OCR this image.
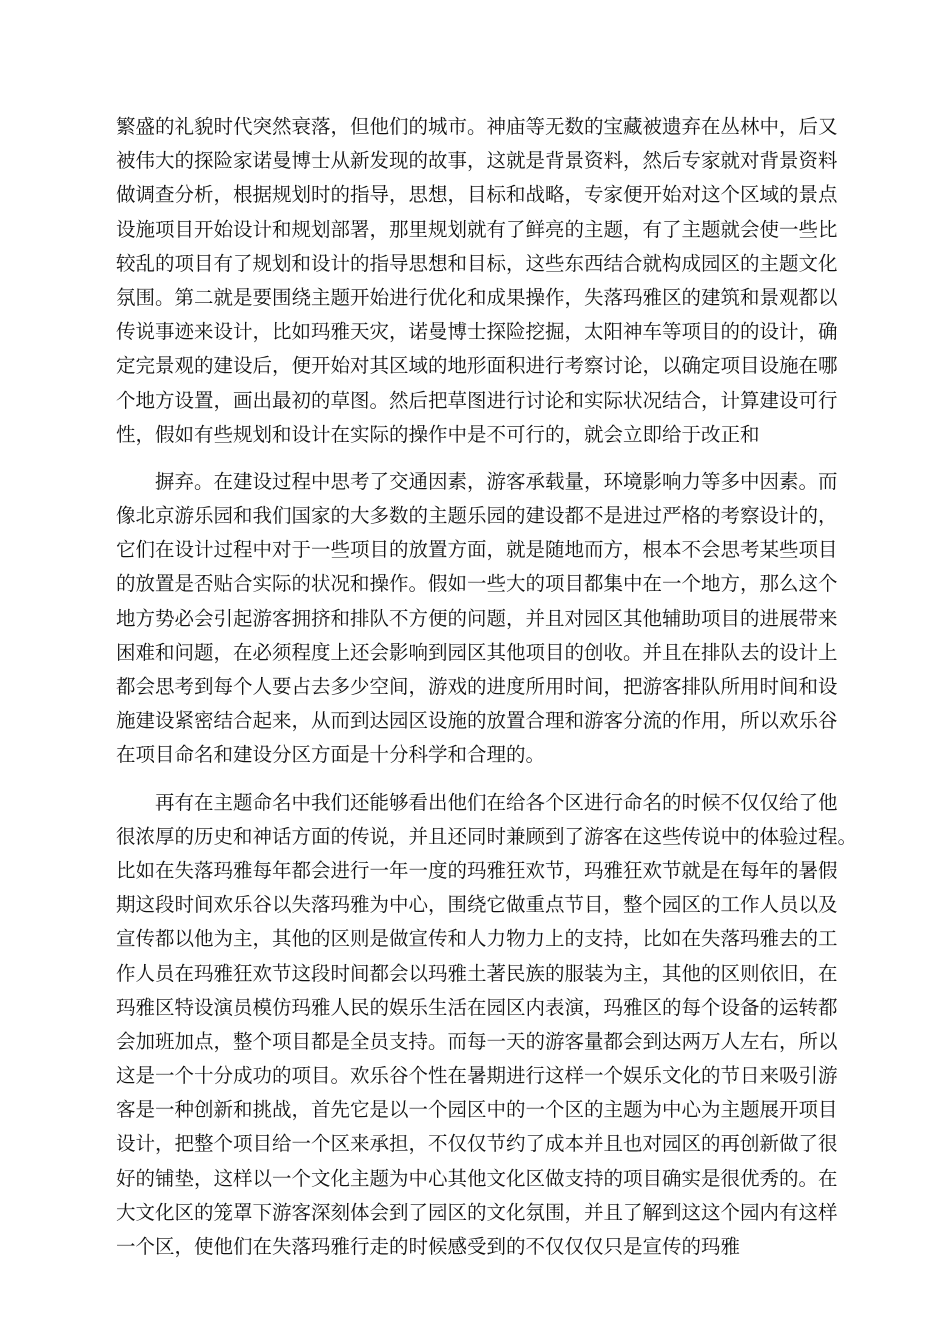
繁盛的礼貌时代突然衰落，但他们的城市。神庙等无数的宝藏被遗弃在丛林中，后又
被伟大的探险家诺曼博士从新发现的故事，这就是背景资料，然后专家就对背景资料
做调查分析，根据规划时的指导，思想，目标和战略，专家便开始对这个区域的景点
设施项目开始设计和规划部署，那里规划就有了鲜亮的主题，有了主题就会使一些比
较乱的项目有了规划和设计的指导思想和目标，这些东西结合就构成园区的主题文化
氛围。第二就是要围绕主题开始进行优化和成果操作，失落玛雅区的建筑和景观都以
传说事迹来设计，比如玛雅天灾，诺曼博士探险挖掘，太阳神车等项目的的设计，确
定完景观的建设后，便开始对其区域的地形面积进行考察讨论，以确定项目设施在哪
个地方设置，画出最初的草图。然后把草图进行讨论和实际状况结合，计算建设可行
性，假如有些规划和设计在实际的操作中是不可行的，就会立即给于改正和
　　摒弃。在建设过程中思考了交通因素，游客承载量，环境影响力等多中因素。而
像北京游乐园和我们国家的大多数的主题乐园的建设都不是进过严格的考察设计的，
它们在设计过程中对于一些项目的放置方面，就是随地而方，根本不会思考某些项目
的放置是否贴合实际的状况和操作。假如一些大的项目都集中在一个地方，那么这个
地方势必会引起游客拥挤和排队不方便的问题，并且对园区其他辅助项目的进展带来
困难和问题，在必须程度上还会影响到园区其他项目的创收。并且在排队去的设计上
都会思考到每个人要占去多少空间，游戏的进度所用时间，把游客排队所用时间和设
施建设紧密结合起来，从而到达园区设施的放置合理和游客分流的作用，所以欢乐谷
在项目命名和建设分区方面是十分科学和合理的。
　　再有在主题命名中我们还能够看出他们在给各个区进行命名的时候不仅仅给了他
很浓厚的历史和神话方面的传说，并且还同时兼顾到了游客在这些传说中的体验过程。
比如在失落玛雅每年都会进行一年一度的玛雅狂欢节，玛雅狂欢节就是在每年的暑假
期这段时间欢乐谷以失落玛雅为中心，围绕它做重点节目，整个园区的工作人员以及
宣传都以他为主，其他的区则是做宣传和人力物力上的支持，比如在失落玛雅去的工
作人员在玛雅狂欢节这段时间都会以玛雅土著民族的服装为主，其他的区则依旧，在
玛雅区特设演员模仿玛雅人民的娱乐生活在园区内表演，玛雅区的每个设备的运转都
会加班加点，整个项目都是全员支持。而每一天的游客量都会到达两万人左右，所以
这是一个十分成功的项目。欢乐谷个性在暑期进行这样一个娱乐文化的节日来吸引游
客是一种创新和挑战，首先它是以一个园区中的一个区的主题为中心为主题展开项目
设计，把整个项目给一个区来承担，不仅仅节约了成本并且也对园区的再创新做了很
好的铺垫，这样以一个文化主题为中心其他文化区做支持的项目确实是很优秀的。在
大文化区的笼罩下游客深刻体会到了园区的文化氛围，并且了解到这这个园内有这样
一个区，使他们在失落玛雅行走的时候感受到的不仅仅仅只是宣传的玛雅
